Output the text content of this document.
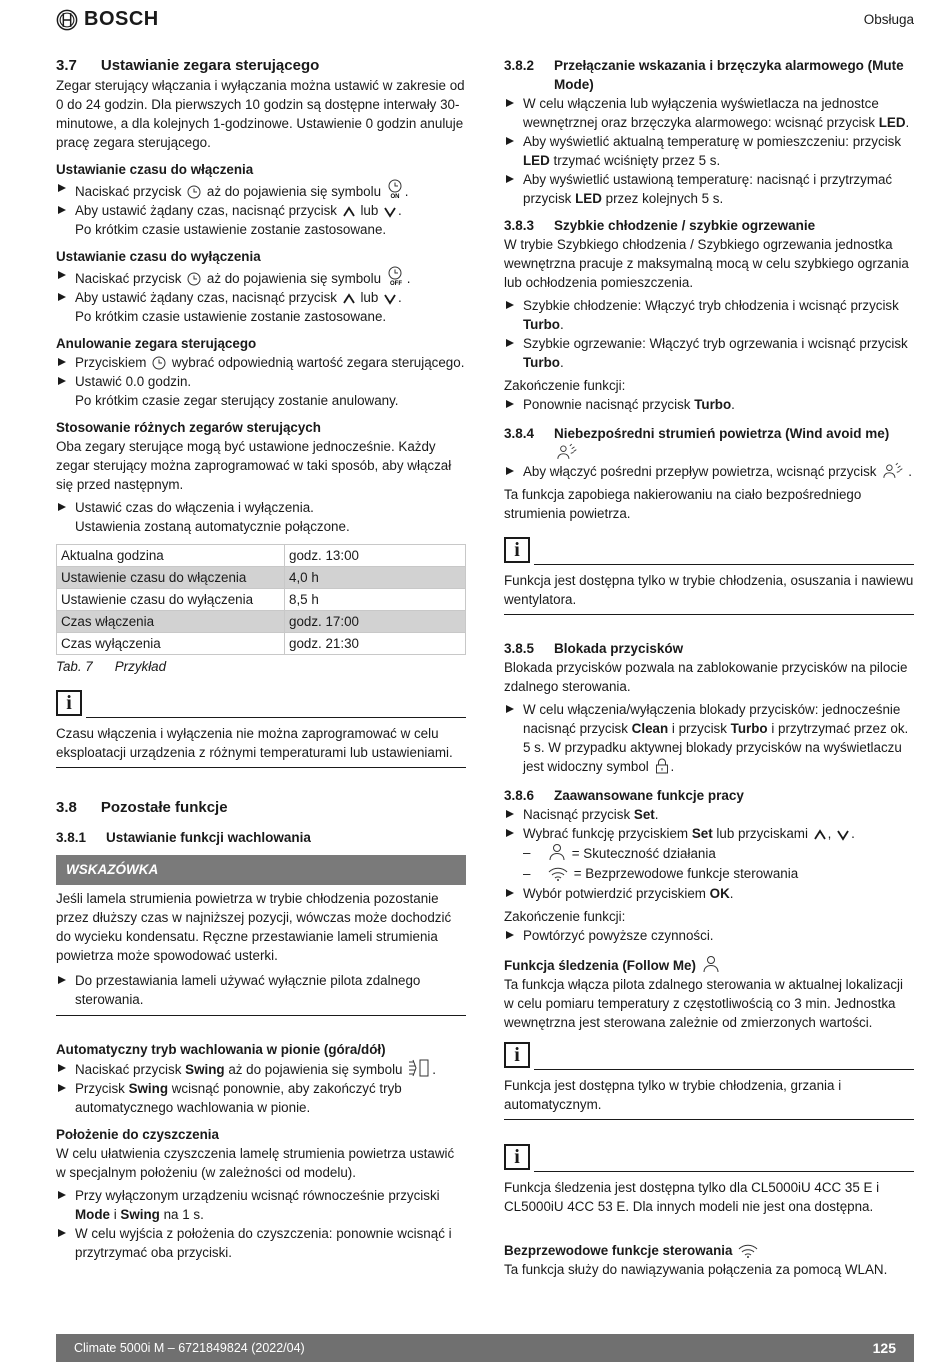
BOSCH	Obsługa
3.7 Ustawianie zegara sterującego

Zegar sterujący włączania i wyłączania można ustawić w zakresie od 0 do 24 godzin. Dla pierwszych 10 godzin są dostępne interwały 30-minutowe, a dla kolejnych 1-godzinowe. Ustawienie 0 godzin anuluje pracę zegara sterującego.

Ustawianie czasu do włączenia
Naciskać przycisk aż do pojawienia się symbolu ON .
Aby ustawić żądany czas, nacisnąć przycisk lub .
Po krótkim czasie ustawienie zostanie zastosowane.
Ustawianie czasu do wyłączenia
Naciskać przycisk aż do pojawienia się symbolu OFF .
Aby ustawić żądany czas, nacisnąć przycisk lub .
Po krótkim czasie ustawienie zostanie zastosowane.
Anulowanie zegara sterującego
Przyciskiem wybrać odpowiednią wartość zegara sterującego.
Ustawić 0.0 godzin.
Po krótkim czasie zegar sterujący zostanie anulowany.
Stosowanie różnych zegarów sterujących

Oba zegary sterujące mogą być ustawione jednocześnie. Każdy zegar sterujący można zaprogramować w taki sposób, aby włączał się przed następnym.

Ustawić czas do włączenia i wyłączenia.
Ustawienia zostaną automatycznie połączone.
Aktualna godzina	godz. 13:00
Ustawienie czasu do włączenia	4,0 h
Ustawienie czasu do wyłączenia	8,5 h
Czas włączenia	godz. 17:00
Czas wyłączenia	godz. 21:30
Tab. 7 Przykład
i
Czasu włączenia i wyłączenia nie można zaprogramować w celu eksploatacji urządzenia z różnymi temperaturami lub ustawieniami.
3.8 Pozostałe funkcje
3.8.1 Ustawianie funkcji wachlowania
WSKAZÓWKA

Jeśli lamela strumienia powietrza w trybie chłodzenia pozostanie przez dłuższy czas w najniższej pozycji, wówczas może dochodzić do wycieku kondensatu. Ręczne przestawianie lameli strumienia powietrza może spowodować usterki.

Do przestawiania lameli używać wyłącznie pilota zdalnego sterowania.
Automatyczny tryb wachlowania w pionie (góra/dół)
Naciskać przycisk Swing aż do pojawienia się symbolu .
Przycisk Swing wcisnąć ponownie, aby zakończyć tryb automatycznego wachlowania w pionie.
Położenie do czyszczenia

W celu ułatwienia czyszczenia lamelę strumienia powietrza ustawić w specjalnym położeniu (w zależności od modelu).

Przy wyłączonym urządzeniu wcisnąć równocześnie przyciski Mode i Swing na 1 s.
W celu wyjścia z położenia do czyszczenia: ponownie wcisnąć i przytrzymać oba przyciski.
3.8.2 Przełączanie wskazania i brzęczyka alarmowego (Mute Mode)
W celu włączenia lub wyłączenia wyświetlacza na jednostce wewnętrznej oraz brzęczyka alarmowego: wcisnąć przycisk LED.
Aby wyświetlić aktualną temperaturę w pomieszczeniu: przycisk LED trzymać wciśnięty przez 5 s.
Aby wyświetlić ustawioną temperaturę: nacisnąć i przytrzymać przycisk LED przez kolejnych 5 s.
3.8.3 Szybkie chłodzenie / szybkie ogrzewanie

W trybie Szybkiego chłodzenia / Szybkiego ogrzewania jednostka wewnętrzna pracuje z maksymalną mocą w celu szybkiego ogrzania lub ochłodzenia pomieszczenia.

Szybkie chłodzenie: Włączyć tryb chłodzenia i wcisnąć przycisk Turbo.
Szybkie ogrzewanie: Włączyć tryb ogrzewania i wcisnąć przycisk Turbo.

Zakończenie funkcji:

Ponownie nacisnąć przycisk Turbo.
3.8.4 Niebezpośredni strumień powietrza (Wind avoid me)
Aby włączyć pośredni przepływ powietrza, wcisnąć przycisk .

Ta funkcja zapobiega nakierowaniu na ciało bezpośredniego strumienia powietrza.

i
Funkcja jest dostępna tylko w trybie chłodzenia, osuszania i nawiewu wentylatora.
3.8.5 Blokada przycisków

Blokada przycisków pozwala na zablokowanie przycisków na pilocie zdalnego sterowania.

W celu włączenia/wyłączenia blokady przycisków: jednocześnie nacisnąć przycisk Clean i przycisk Turbo i przytrzymać przez ok. 5 s. W przypadku aktywnej blokady przycisków na wyświetlaczu jest widoczny symbol .
3.8.6 Zaawansowane funkcje pracy
Nacisnąć przycisk Set.
Wybrać funkcję przyciskiem Set lub przyciskami , .
– = Skuteczność działania
– = Bezprzewodowe funkcje sterowania
Wybór potwierdzić przyciskiem OK.

Zakończenie funkcji:

Powtórzyć powyższe czynności.
Funkcja śledzenia (Follow Me)

Ta funkcja włącza pilota zdalnego sterowania w aktualnej lokalizacji w celu pomiaru temperatury z częstotliwością co 3 min. Jednostka wewnętrzna jest sterowana zależnie od zmierzonych wartości.

i
Funkcja jest dostępna tylko w trybie chłodzenia, grzania i automatycznym.
i
Funkcja śledzenia jest dostępna tylko dla CL5000iU 4CC 35 E i CL5000iU 4CC 53 E. Dla innych modeli nie jest ona dostępna.
Bezprzewodowe funkcje sterowania

Ta funkcja służy do nawiązywania połączenia za pomocą WLAN.

Climate 5000i M – 6721849824 (2022/04)	125
